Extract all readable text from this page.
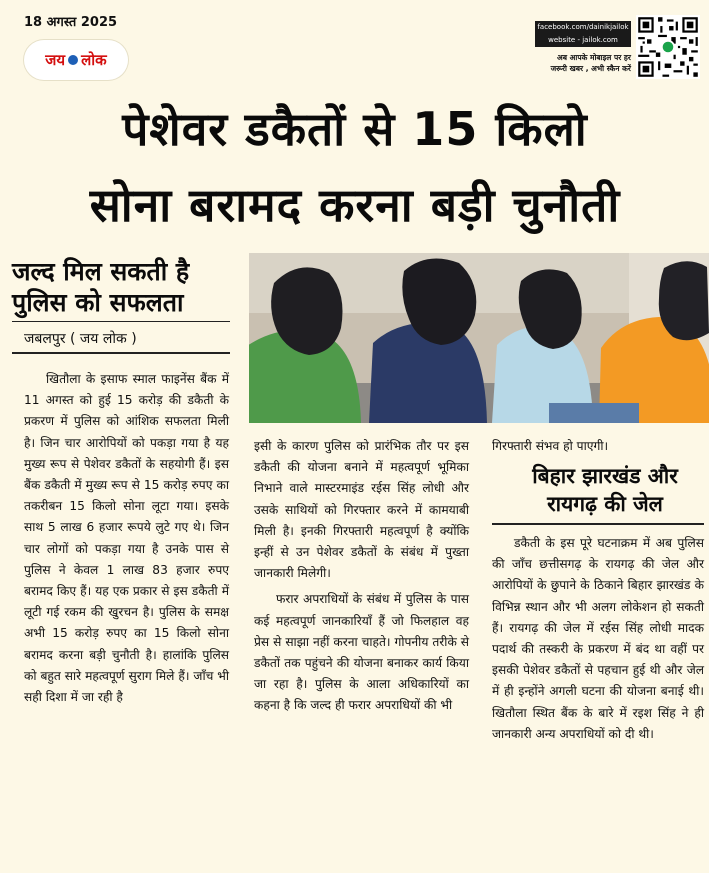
18 अगस्त 2025
जय लोक
facebook.com/dainikjailok
website - jailok.com
अब आपके मोबाइल पर हर
जरूरी खबर , अभी स्कैन करें
पेशेवर डकैतों से 15 किलो
सोना बरामद करना बड़ी चुनौती
जल्द मिल सकती है
पुलिस को सफलता
जबलपुर ( जय लोक )

खितौला के इसाफ स्माल फाइनेंस बैंक में 11 अगस्त को हुई 15 करोड़ की डकैती के प्रकरण में पुलिस को आंशिक सफलता मिली है। जिन चार आरोपियों को पकड़ा गया है यह मुख्य रूप से पेशेवर डकैतों के सहयोगी हैं। इस बैंक डकैती में मुख्य रूप से 15 करोड़ रुपए का तकरीबन 15 किलो सोना लूटा गया। इसके साथ 5 लाख 6 हजार रूपये लुटे गए थे। जिन चार लोगों को पकड़ा गया है उनके पास से पुलिस ने केवल 1 लाख 83 हजार रुपए बरामद किए हैं। यह एक प्रकार से इस डकैती में लूटी गई रकम की खुरचन है। पुलिस के समक्ष अभी 15 करोड़ रुपए का 15 किलो सोना बरामद करना बड़ी चुनौती है। हालांकि पुलिस को बहुत सारे महत्वपूर्ण सुराग मिले हैं। जाँच भी सही दिशा में जा रही है

इसी के कारण पुलिस को प्रारंभिक तौर पर इस डकैती की योजना बनाने में महत्वपूर्ण भूमिका निभाने वाले मास्टरमाइंड रईस सिंह लोधी और उसके साथियों को गिरफ्तार करने में कामयाबी मिली है। इनकी गिरफ्तारी महत्वपूर्ण है क्योंकि इन्हीं से उन पेशेवर डकैतों के संबंध में पुख्ता जानकारी मिलेगी।

फरार अपराधियों के संबंध में पुलिस के पास कई महत्वपूर्ण जानकारियाँ हैं जो फिलहाल वह प्रेस से साझा नहीं करना चाहते। गोपनीय तरीके से डकैतों तक पहुंचने की योजना बनाकर कार्य किया जा रहा है। पुलिस के आला अधिकारियों का कहना है कि जल्द ही फरार अपराधियों की भी

गिरफ्तारी संभव हो पाएगी।

बिहार झारखंड और
रायगढ़ की जेल

डकैती के इस पूरे घटनाक्रम में अब पुलिस की जाँच छत्तीसगढ़ के रायगढ़ की जेल और आरोपियों के छुपाने के ठिकाने बिहार झारखंड के विभिन्न स्थान और भी अलग लोकेशन हो सकती हैं। रायगढ़ की जेल में रईस सिंह लोधी मादक पदार्थ की तस्करी के प्रकरण में बंद था वहीं पर इसकी पेशेवर डकैतों से पहचान हुई थी और जेल में ही इन्होंने अगली घटना की योजना बनाई थी। खितौला स्थित बैंक के बारे में रइश सिंह ने ही जानकारी अन्य अपराधियों को दी थी।
